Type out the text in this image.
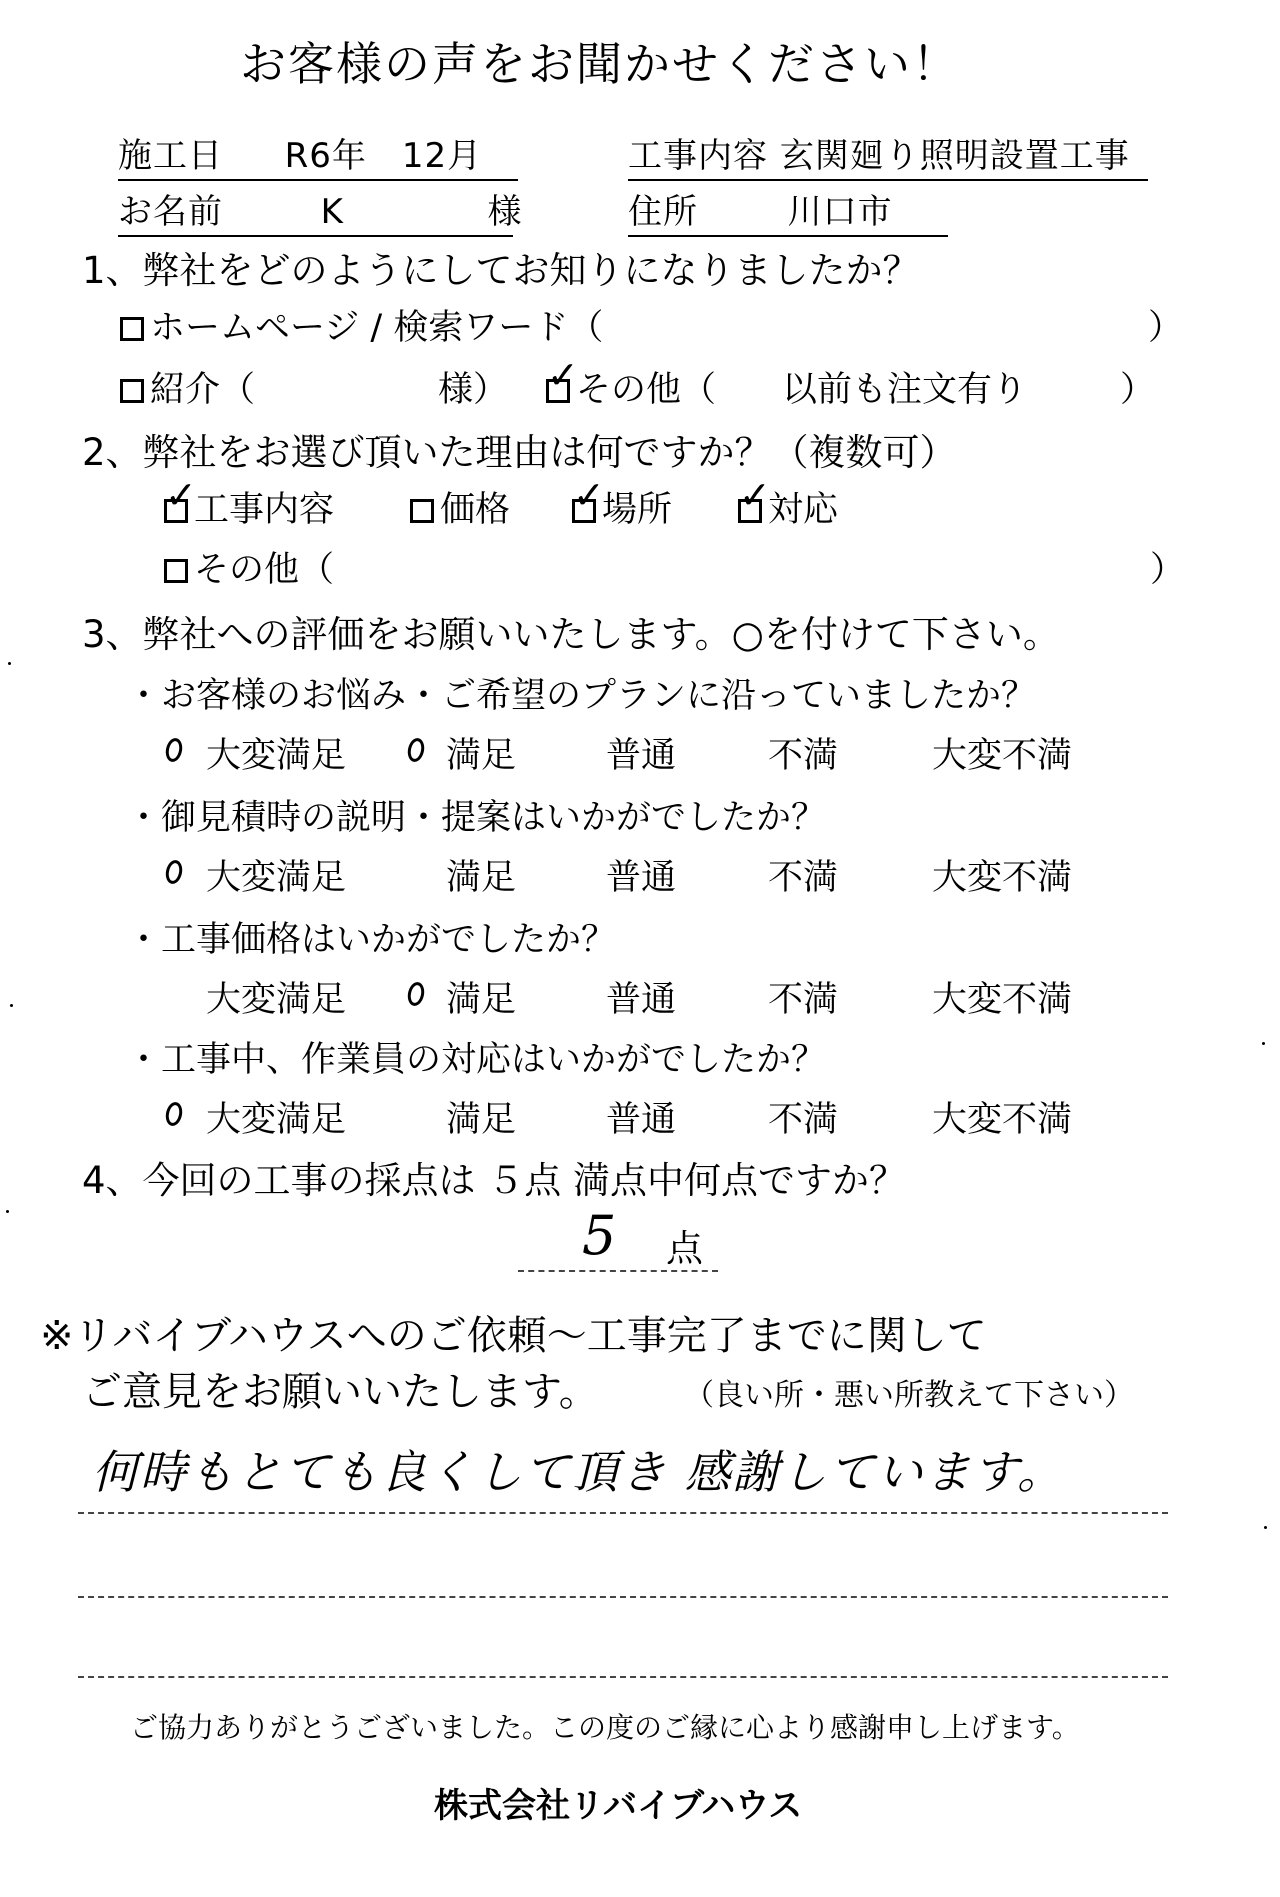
お客様の声をお聞かせください！
施工日 R6年　12月	工事内容 玄関廻り照明設置工事
お名前	K	様	住所	川口市
1、弊社をどのようにしてお知りになりましたか？
ホームページ / 検索ワード（	）
紹介（	様） ✓
その他（ 以前も注文有り	）
2、弊社をお選び頂いた理由は何ですか？（複数可）
✓
工事内容	価格 ✓
場所 ✓
対応
その他（	）
3、弊社への評価をお願いいたします。○を付けて下さい。
・お客様のお悩み・ご希望のプランに沿っていましたか？
大変満足	満足	普通	不満	大変不満
・御見積時の説明・提案はいかがでしたか？
大変満足	満足	普通	不満	大変不満
・工事価格はいかがでしたか？
大変満足	満足	普通	不満	大変不満
・工事中、作業員の対応はいかがでしたか？
大変満足	満足	普通	不満	大変不満
4、今回の工事の採点は ５点 満点中何点ですか？
5 点
※リバイブハウスへのご依頼～工事完了までに関して
ご意見をお願いいたします。	（良い所・悪い所教えて下さい）
何時もとても良くして頂き 感謝しています。
ご協力ありがとうございました。この度のご縁に心より感謝申し上げます。
株式会社リバイブハウス
